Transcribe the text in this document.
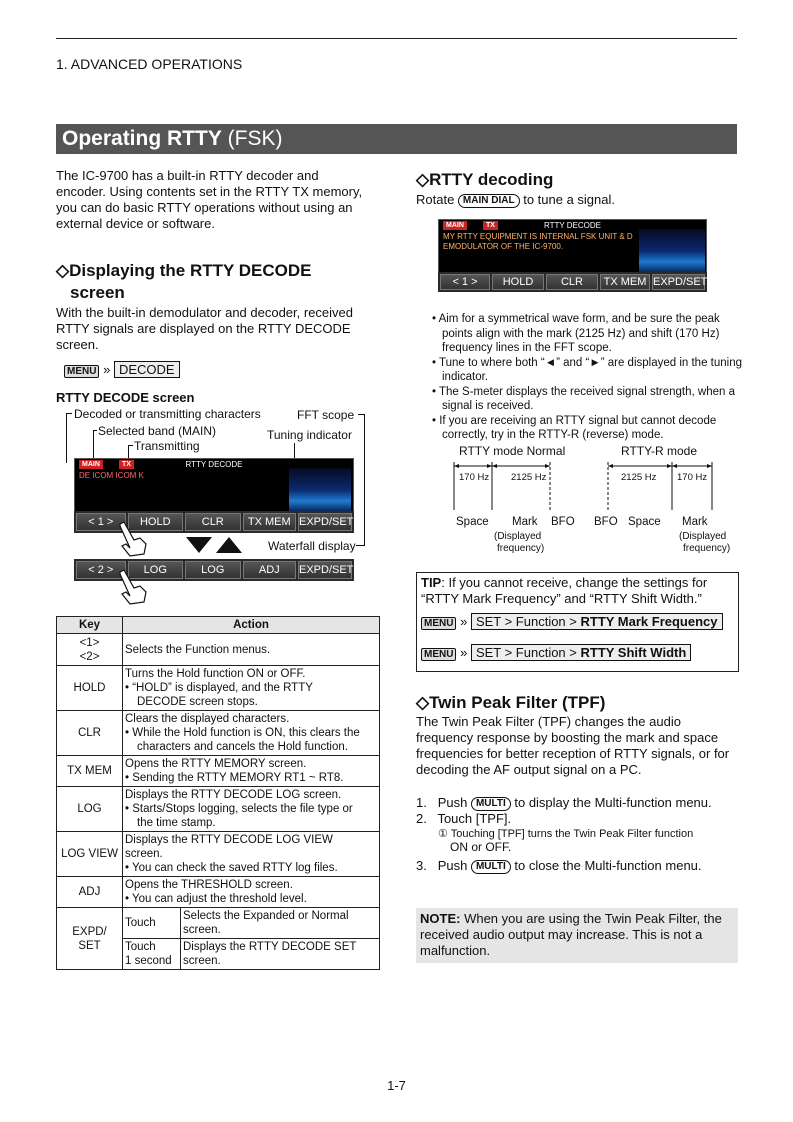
1. ADVANCED OPERATIONS
Operating RTTY (FSK)
The IC-9700 has a built-in RTTY decoder and
encoder. Using contents set in the RTTY TX memory,
you can do basic RTTY operations without using an
external device or software.
◇Displaying the RTTY DECODE
screen
With the built-in demodulator and decoder, received
RTTY signals are displayed on the RTTY DECODE
screen.
MENU » DECODE
RTTY DECODE screen
Decoded or transmitting characters
Selected band (MAIN)
Transmitting
FFT scope
Tuning indicator
MAIN	TX	RTTY DECODE
DE ICOM ICOM K
< 1 >	HOLD	CLR	TX MEM EXPD/SET
Waterfall display
< 2 >	LOG	LOG VIEW
ADJ	EXPD/SET
Key	Action	
<1>
<2>	Selects the Function menus.	
HOLD	Turns the Hold function ON or OFF.
• “HOLD” is displayed, and the RTTY
DECODE screen stops.	

CLR	Clears the displayed characters.
• While the Hold function is ON, this clears the
characters and cancels the Hold function.	

TX MEM	Opens the RTTY MEMORY screen.
• Sending the RTTY MEMORY RT1 ~ RT8.	

LOG	Displays the RTTY DECODE LOG screen.
• Starts/Stops logging, selects the file type or
the time stamp.	

LOG VIEW	Displays the RTTY DECODE LOG VIEW
screen.
• You can check the saved RTTY log files.	

ADJ	Opens the THRESHOLD screen.
• You can adjust the threshold level.	

EXPD/
SET	Touch	Selects the Expanded or Normal screen.
	Touch
1 second	Displays the RTTY DECODE SET screen.
◇RTTY decoding
Rotate MAIN DIAL to tune a signal.
MAIN	TX	RTTY DECODE
MY RTTY EQUIPMENT IS INTERNAL FSK UNIT & D
EMODULATOR OF THE IC-9700.
< 1 >	HOLD	CLR	TX MEM EXPD/SET
• Aim for a symmetrical wave form, and be sure the peak points align with the mark (2125 Hz) and shift (170 Hz) frequency lines in the FFT scope.
• Tune to where both “◄” and “►” are displayed in the tuning indicator.
• The S-meter displays the received signal strength, when a signal is received.
• If you are receiving an RTTY signal but cannot decode correctly, try in the RTTY-R (reverse) mode.
RTTY mode Normal	RTTY-R mode
170 Hz 2125 Hz	2125 Hz 170 Hz
Space Mark BFO BFO Space Mark
(Displayed
frequency)
(Displayed
frequency)
TIP: If you cannot receive, change the settings for
“RTTY Mark Frequency” and “RTTY Shift Width.”
MENU » SET > Function > RTTY Mark Frequency
MENU » SET > Function > RTTY Shift Width
◇Twin Peak Filter (TPF)
The Twin Peak Filter (TPF) changes the audio
frequency response by boosting the mark and space
frequencies for better reception of RTTY signals, or for
decoding the AF output signal on a PC.
1. Push MULTI to display the Multi-function menu.
2. Touch [TPF].
① Touching [TPF] turns the Twin Peak Filter function
ON or OFF.
3. Push MULTI to close the Multi-function menu.
NOTE: When you are using the Twin Peak Filter, the received audio output may increase. This is not a malfunction.
1-7
